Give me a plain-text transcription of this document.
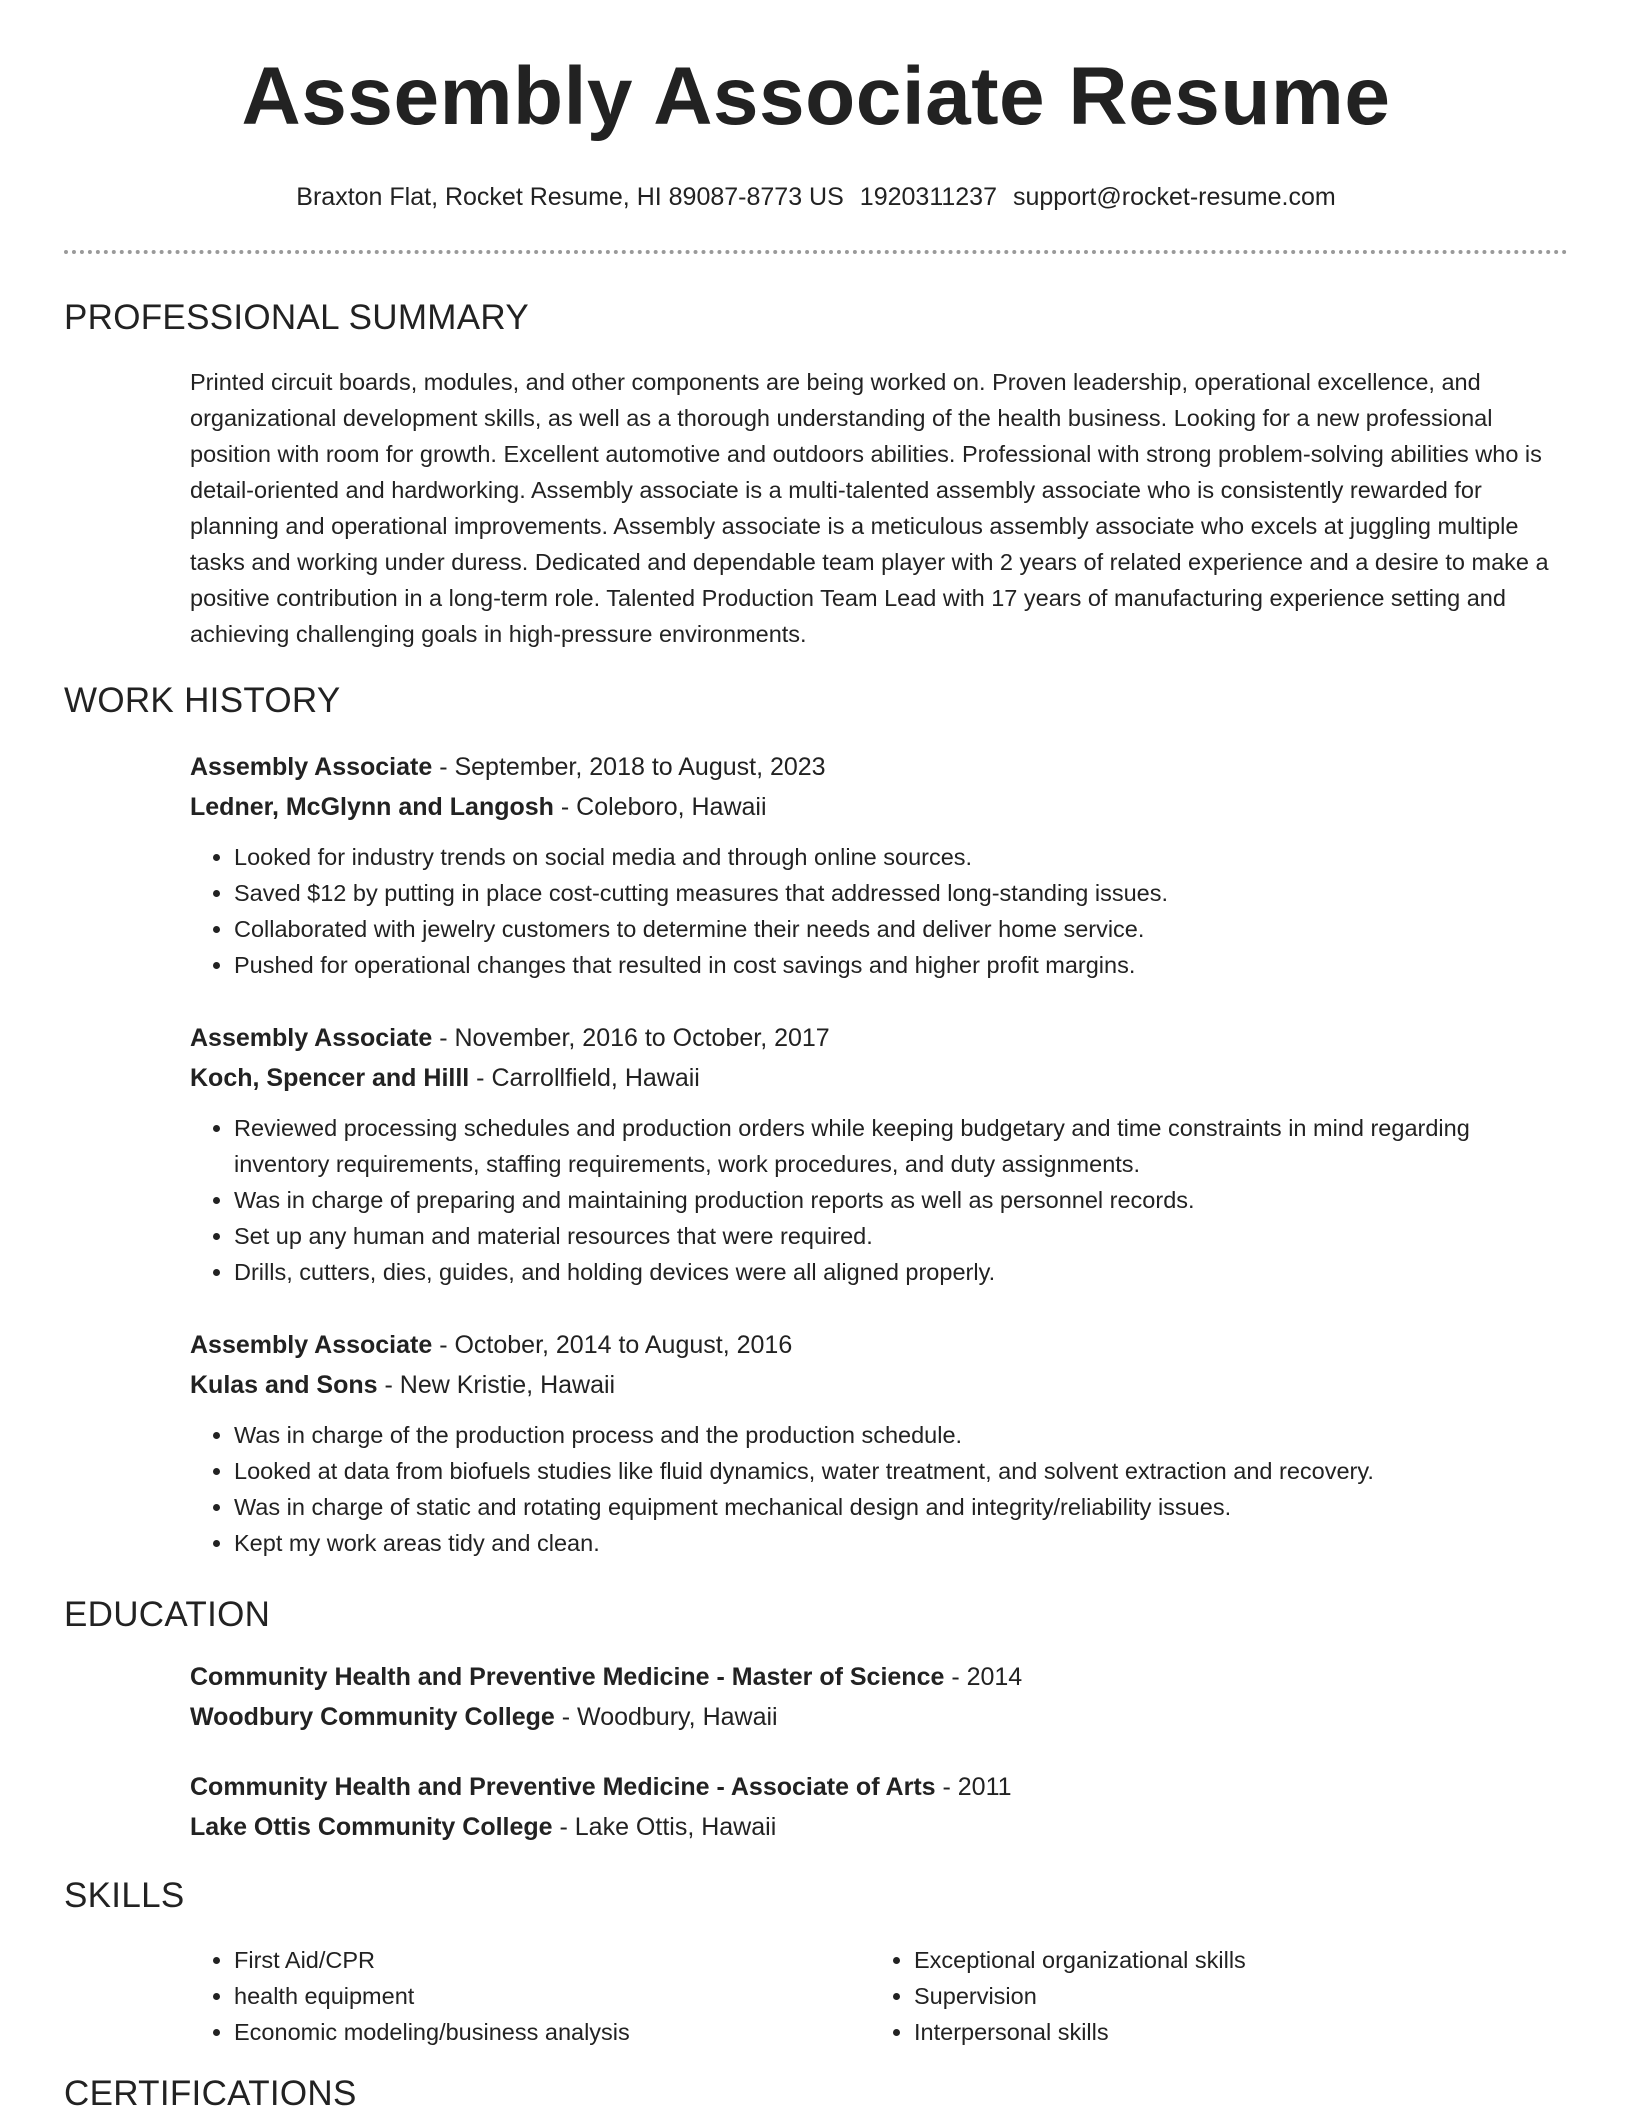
Assembly Associate Resume
Braxton Flat, Rocket Resume, HI 89087-8773 US 1920311237 support@rocket-resume.com
PROFESSIONAL SUMMARY

Printed circuit boards, modules, and other components are being worked on. Proven leadership, operational excellence, and organizational development skills, as well as a thorough understanding of the health business. Looking for a new professional position with room for growth. Excellent automotive and outdoors abilities. Professional with strong problem-solving abilities who is detail-oriented and hardworking. Assembly associate is a multi-talented assembly associate who is consistently rewarded for planning and operational improvements. Assembly associate is a meticulous assembly associate who excels at juggling multiple tasks and working under duress. Dedicated and dependable team player with 2 years of related experience and a desire to make a positive contribution in a long-term role. Talented Production Team Lead with 17 years of manufacturing experience setting and achieving challenging goals in high-pressure environments.

WORK HISTORY
Assembly Associate - September, 2018 to August, 2023
Ledner, McGlynn and Langosh - Coleboro, Hawaii
• Looked for industry trends on social media and through online sources.
• Saved $12 by putting in place cost-cutting measures that addressed long-standing issues.
• Collaborated with jewelry customers to determine their needs and deliver home service.
• Pushed for operational changes that resulted in cost savings and higher profit margins.
Assembly Associate - November, 2016 to October, 2017
Koch, Spencer and Hilll - Carrollfield, Hawaii
• Reviewed processing schedules and production orders while keeping budgetary and time constraints in mind regarding inventory requirements, staffing requirements, work procedures, and duty assignments.
• Was in charge of preparing and maintaining production reports as well as personnel records.
• Set up any human and material resources that were required.
• Drills, cutters, dies, guides, and holding devices were all aligned properly.
Assembly Associate - October, 2014 to August, 2016
Kulas and Sons - New Kristie, Hawaii
• Was in charge of the production process and the production schedule.
• Looked at data from biofuels studies like fluid dynamics, water treatment, and solvent extraction and recovery.
• Was in charge of static and rotating equipment mechanical design and integrity/reliability issues.
• Kept my work areas tidy and clean.
EDUCATION
Community Health and Preventive Medicine - Master of Science - 2014
Woodbury Community College - Woodbury, Hawaii
Community Health and Preventive Medicine - Associate of Arts - 2011
Lake Ottis Community College - Lake Ottis, Hawaii
SKILLS
• First Aid/CPR
• health equipment
• Economic modeling/business analysis
• Exceptional organizational skills
• Supervision
• Interpersonal skills
CERTIFICATIONS
